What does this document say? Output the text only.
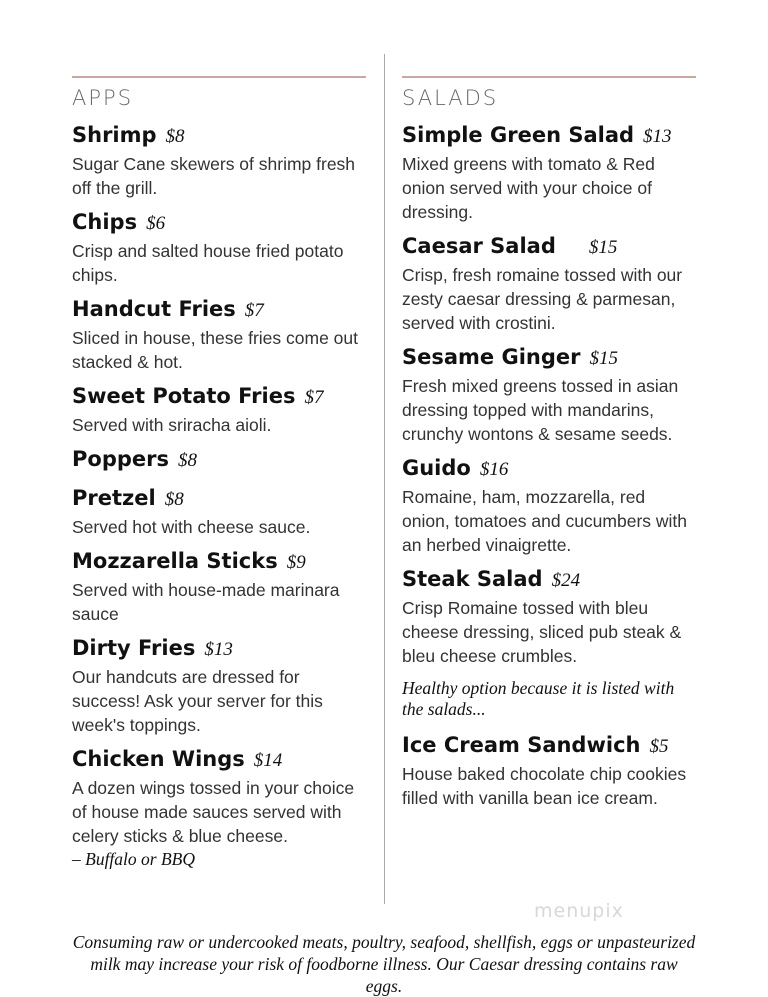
APPS
Shrimp $8
Sugar Cane skewers of shrimp fresh off the grill.
Chips $6
Crisp and salted house fried potato chips.
Handcut Fries $7
Sliced in house, these fries come out stacked & hot.
Sweet Potato Fries $7
Served with sriracha aioli.
Poppers $8
Pretzel $8
Served hot with cheese sauce.
Mozzarella Sticks $9
Served with house-made marinara sauce
Dirty Fries $13
Our handcuts are dressed for success! Ask your server for this week's toppings.
Chicken Wings $14
A dozen wings tossed in your choice of house made sauces served with celery sticks & blue cheese.
– Buffalo or BBQ
SALADS
Simple Green Salad $13
Mixed greens with tomato & Red onion served with your choice of dressing.
Caesar Salad $15
Crisp, fresh romaine tossed with our zesty caesar dressing & parmesan, served with crostini.
Sesame Ginger $15
Fresh mixed greens tossed in asian dressing topped with mandarins, crunchy wontons & sesame seeds.
Guido $16
Romaine, ham, mozzarella, red onion, tomatoes and cucumbers with an herbed vinaigrette.
Steak Salad $24
Crisp Romaine tossed with bleu cheese dressing, sliced pub steak & bleu cheese crumbles.
Healthy option because it is listed with the salads...
Ice Cream Sandwich $5
House baked chocolate chip cookies filled with vanilla bean ice cream.
menupix
Consuming raw or undercooked meats, poultry, seafood, shellfish, eggs or unpasteurized milk may increase your risk of foodborne illness. Our Caesar dressing contains raw eggs.
